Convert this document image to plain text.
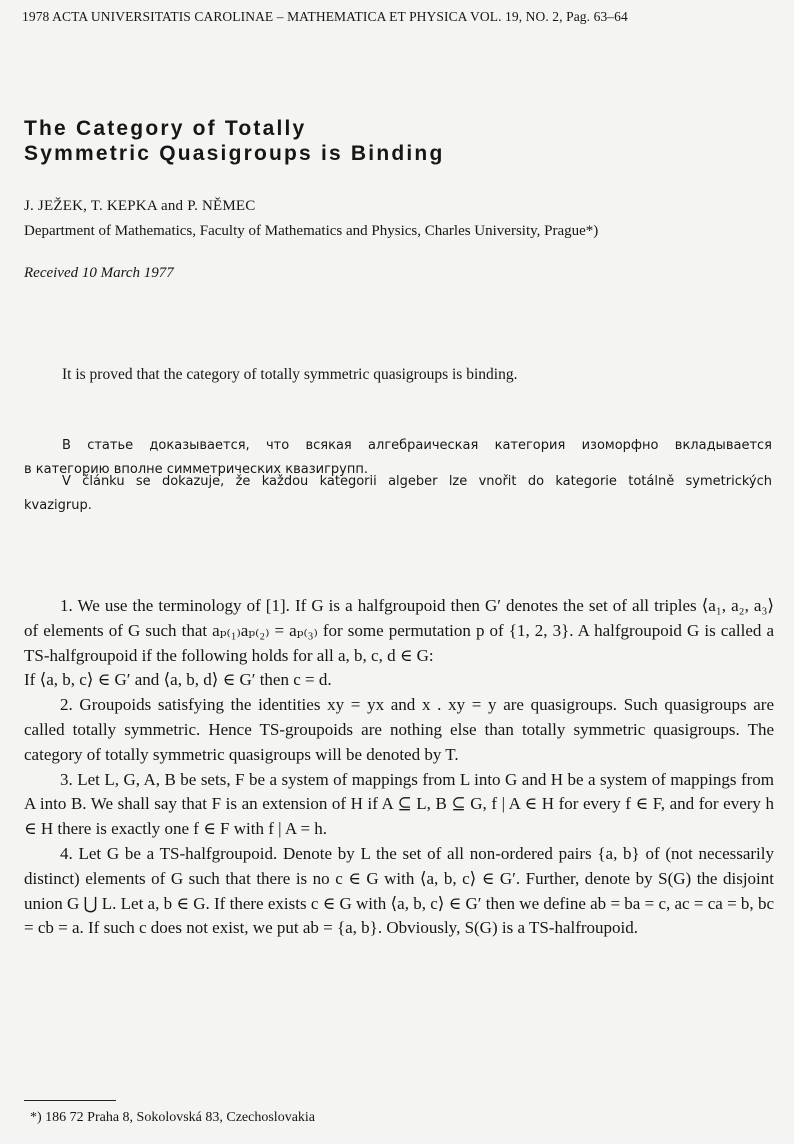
1978 ACTA UNIVERSITATIS CAROLINAE – MATHEMATICA ET PHYSICA VOL. 19, NO. 2, Pag. 63–64
The Category of Totally
Symmetric Quasigroups is Binding
J. JEŽEK, T. KEPKA and P. NĚMEC
Department of Mathematics, Faculty of Mathematics and Physics, Charles University, Prague*)
Received 10 March 1977
It is proved that the category of totally symmetric quasigroups is binding.
В статье доказывается, что всякая алгебраическая категория изоморфно вкладывается
в категорию вполне симметрических квазигрупп.
V článku se dokazuje, že každou kategorii algeber lze vnořit do kategorie totálně symetrických
kvazigrup.

1. We use the terminology of [1]. If G is a halfgroupoid then G′ denotes the set of all triples ⟨a₁, a₂, a₃⟩ of elements of G such that aₚ₍₁₎aₚ₍₂₎ = aₚ₍₃₎ for some permutation p of {1, 2, 3}. A halfgroupoid G is called a TS-halfgroupoid if the following holds for all a, b, c, d ∈ G:

If ⟨a, b, c⟩ ∈ G′ and ⟨a, b, d⟩ ∈ G′ then c = d.

2. Groupoids satisfying the identities xy = yx and x . xy = y are quasigroups. Such quasigroups are called totally symmetric. Hence TS-groupoids are nothing else than totally symmetric quasigroups. The category of totally symmetric quasigroups will be denoted by T.

3. Let L, G, A, B be sets, F be a system of mappings from L into G and H be a system of mappings from A into B. We shall say that F is an extension of H if A ⊆ L, B ⊆ G, f | A ∈ H for every f ∈ F, and for every h ∈ H there is exactly one f ∈ F with f | A = h.

4. Let G be a TS-halfgroupoid. Denote by L the set of all non-ordered pairs {a, b} of (not necessarily distinct) elements of G such that there is no c ∈ G with ⟨a, b, c⟩ ∈ G′. Further, denote by S(G) the disjoint union G ⋃ L. Let a, b ∈ G. If there exists c ∈ G with ⟨a, b, c⟩ ∈ G′ then we define ab = ba = c, ac = ca = b, bc = cb = a. If such c does not exist, we put ab = {a, b}. Obviously, S(G) is a TS-halfroupoid.

*) 186 72 Praha 8, Sokolovská 83, Czechoslovakia
